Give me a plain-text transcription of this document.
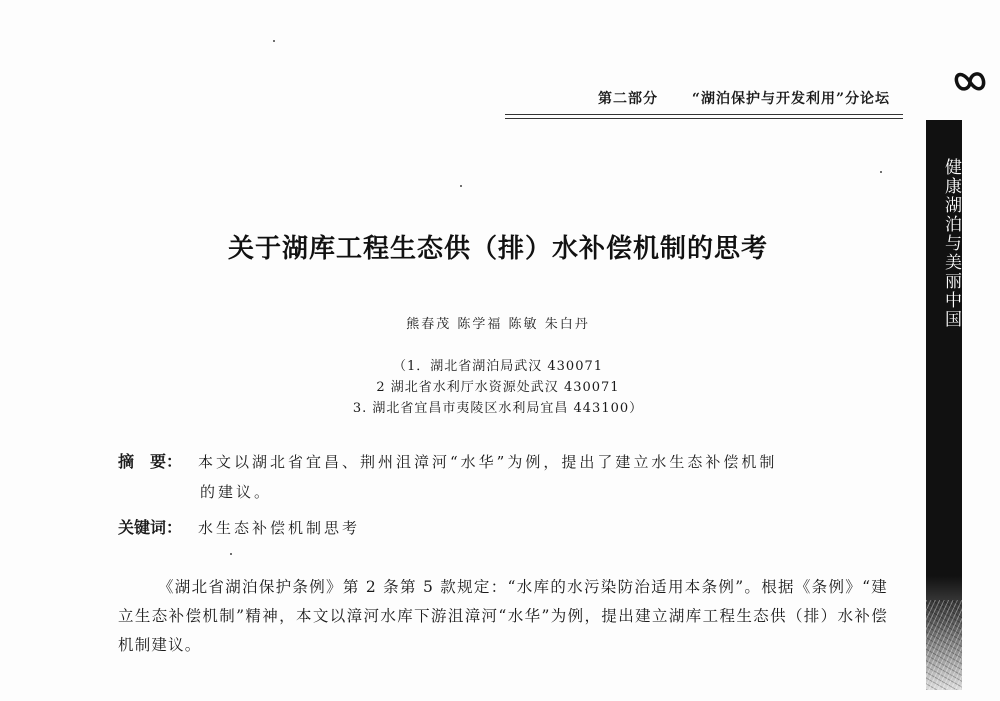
第二部分 “湖泊保护与开发利用”分论坛
健康湖泊与美丽中国
关于湖库工程生态供（排）水补偿机制的思考
熊春茂 陈学福 陈敏 朱白丹
（1．湖北省湖泊局武汉 430071
2 湖北省水利厅水资源处武汉 430071
3. 湖北省宜昌市夷陵区水利局宜昌 443100）
摘　要： 本文以湖北省宜昌、荆州沮漳河“水华”为例，提出了建立水生态补偿机制
的建议。
关键词： 水生态补偿机制思考
《湖北省湖泊保护条例》第 2 条第 5 款规定：“水库的水污染防治适用本条例”。根据《条例》“建立生态补偿机制”精神，本文以漳河水库下游沮漳河“水华”为例，提出建立湖库工程生态供（排）水补偿机制建议。
